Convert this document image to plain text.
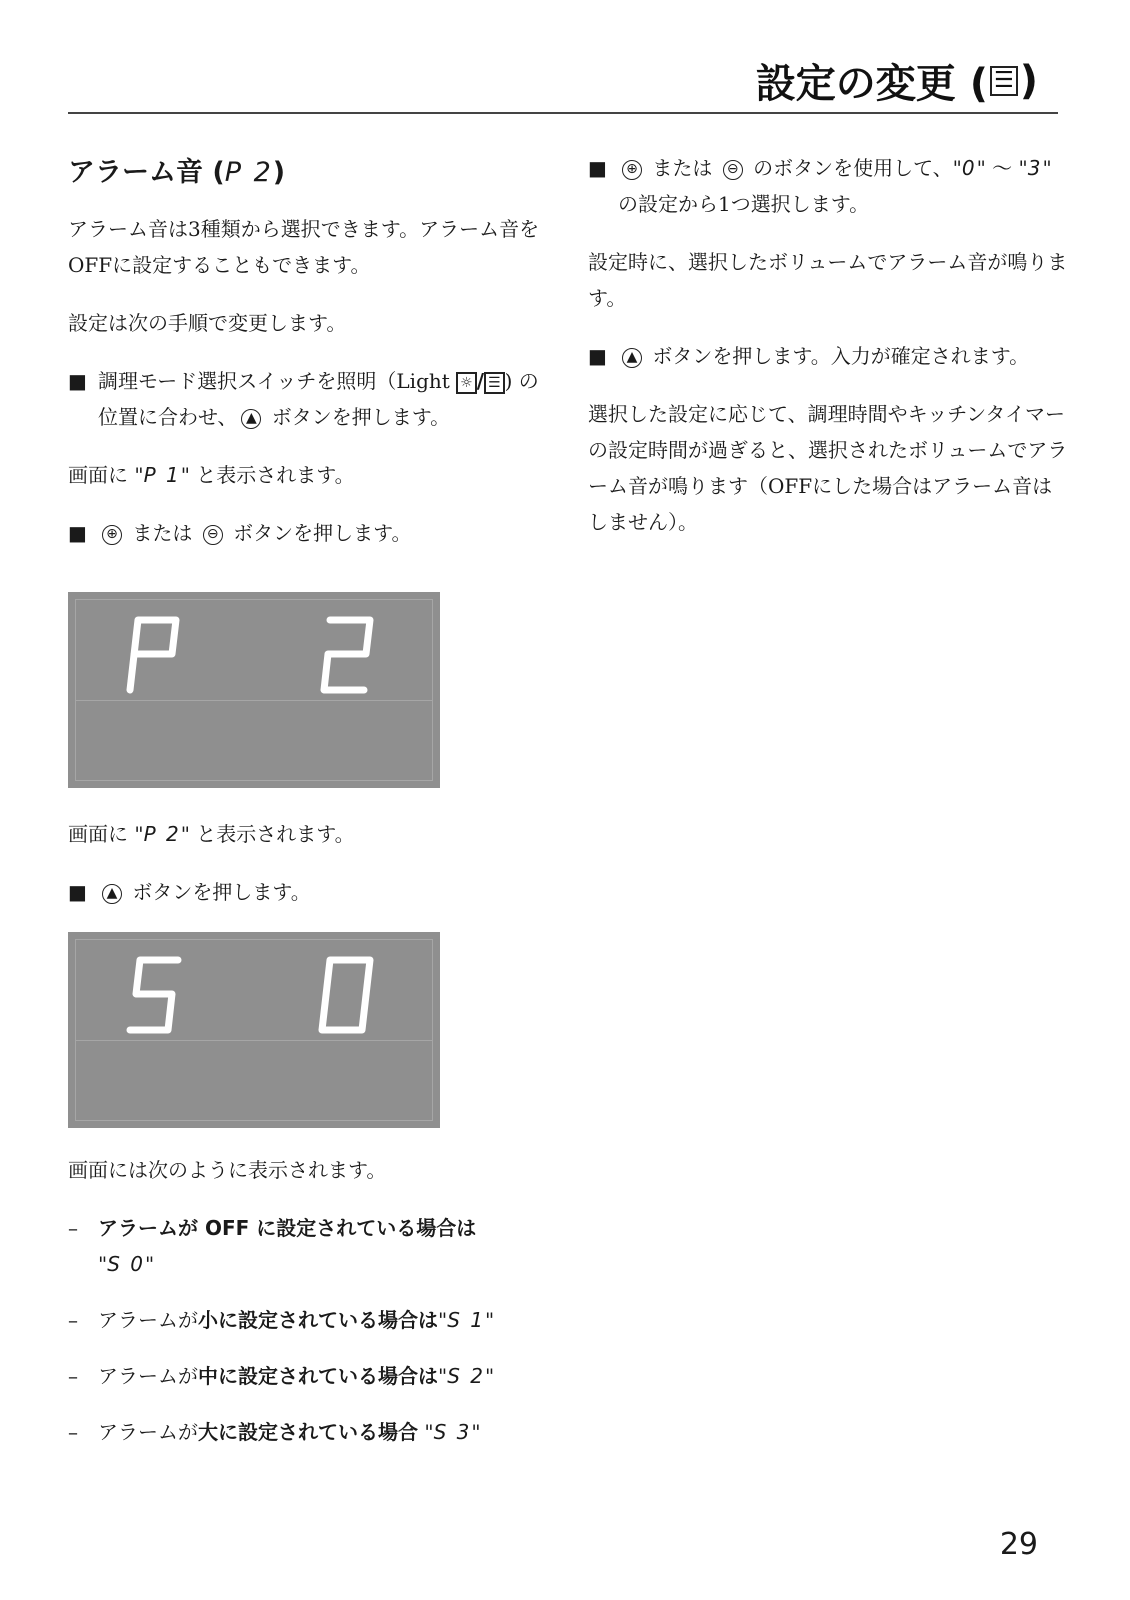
設定の変更 ( ☰ )
アラーム音 (P 2)

アラーム音は3種類から選択できます。アラーム音をOFFに設定することもできます。

設定は次の手順で変更します。

■ 調理モード選択スイッチを照明（Light ☼ / ☰ ) の位置に合わせ、 ▲ ボタンを押します。

画面に "P 1" と表示されます。

■ ⊕ または ⊖ ボタンを押します。

画面に "P 2" と表示されます。

■ ▲ ボタンを押します。

画面には次のように表示されます。

– アラームが OFF に設定されている場合は
"S 0"
– アラームが小に設定されている場合は"S 1"
– アラームが中に設定されている場合は"S 2"
– アラームが大に設定されている場合 "S 3"
■ ⊕ または ⊖ のボタンを使用して、"0" ～ "3" の設定から1つ選択します。

設定時に、選択したボリュームでアラーム音が鳴ります。

■ ▲ ボタンを押します。入力が確定されます。

選択した設定に応じて、調理時間やキッチンタイマーの設定時間が過ぎると、選択されたボリュームでアラーム音が鳴ります（OFFにした場合はアラーム音はしません）。

29
